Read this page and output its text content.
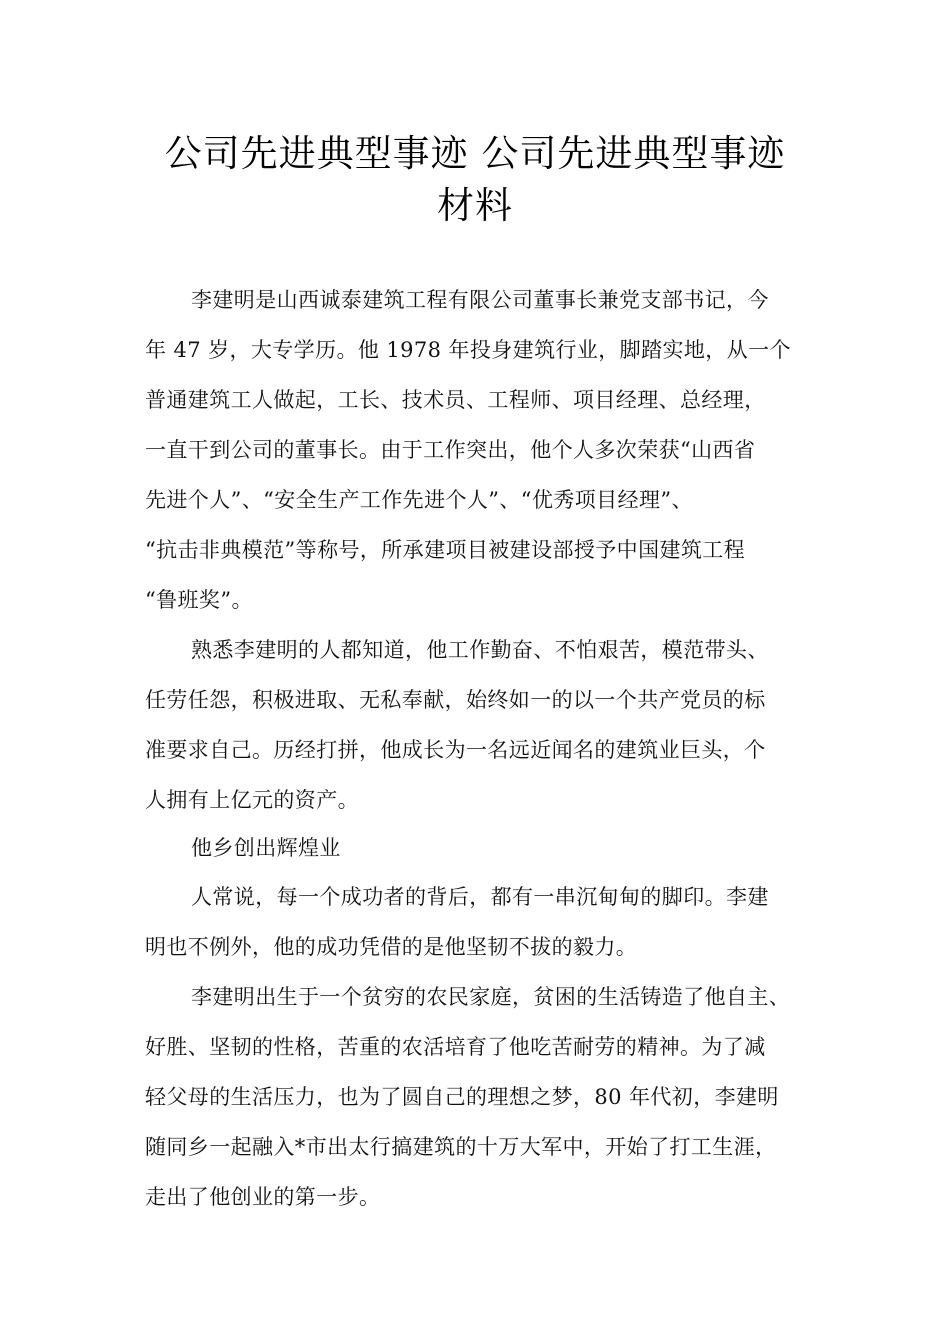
公司先进典型事迹 公司先进典型事迹
材料
李建明是山西诚泰建筑工程有限公司董事长兼党支部书记，今
年 47 岁，大专学历。他 1978 年投身建筑行业，脚踏实地，从一个
普通建筑工人做起，工长、技术员、工程师、项目经理、总经理，
一直干到公司的董事长。由于工作突出，他个人多次荣获“山西省
先进个人”、“安全生产工作先进个人”、“优秀项目经理”、
“抗击非典模范”等称号，所承建项目被建设部授予中国建筑工程
“鲁班奖”。
熟悉李建明的人都知道，他工作勤奋、不怕艰苦，模范带头、
任劳任怨，积极进取、无私奉献，始终如一的以一个共产党员的标
准要求自己。历经打拼，他成长为一名远近闻名的建筑业巨头，个
人拥有上亿元的资产。
他乡创出辉煌业
人常说，每一个成功者的背后，都有一串沉甸甸的脚印。李建
明也不例外，他的成功凭借的是他坚韧不拔的毅力。
李建明出生于一个贫穷的农民家庭，贫困的生活铸造了他自主、
好胜、坚韧的性格，苦重的农活培育了他吃苦耐劳的精神。为了减
轻父母的生活压力，也为了圆自己的理想之梦，80 年代初，李建明
随同乡一起融入*市出太行搞建筑的十万大军中，开始了打工生涯，
走出了他创业的第一步。
